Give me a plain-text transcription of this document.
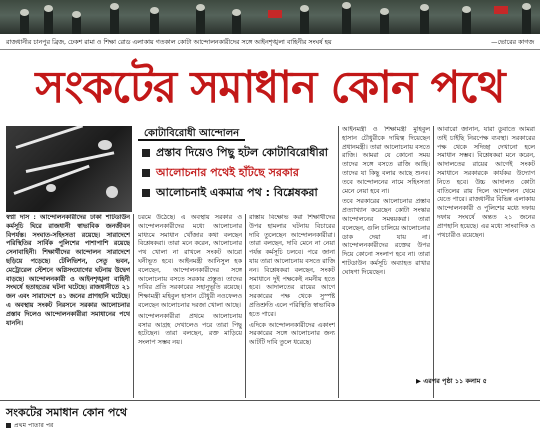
রাজধানীর চানপুর ব্রিজ, ঢেকশ রামা ও শিক্ষা রোড এলাকায় গতকাল কোটা আন্দোলনকারীদের সঙ্গে আইনশৃঙ্খলা বাহিনীর সংঘর্ষ হয়	—ভোরের কাগজ
সংকটের সমাধান কোন পথে
কোটাবিরোধী আন্দোলন
প্রস্তাব দিয়েও পিছু হটল কোটাবিরোধীরা
আলোচনার পথেই হাঁটছে সরকার
আলোচনাই একমাত্র পথ : বিশ্লেষকরা

স্বপ্না দাস : আন্দোলনকারীদের ঢাকা শাটডাউন কর্মসূচি ঘিরে রাজধানী স্বাভাবিক জনজীবন বিপর্যস্ত। সংঘাত-সহিংসতা রয়েছে। সারাদেশে পরিস্থিতির সার্বিক পুলিশের পাশাপাশি রয়েছে সেনাবাহিনী। শিক্ষার্থীদের আন্দোলন সারাদেশে ছড়িয়ে পড়েছে। টেলিভিশন, সেতু ভবন, মেট্রোরেল স্টেশনে অগ্নিসংযোগের ঘটনায় উদ্বেগ বাড়ছে। আন্দোলনকারী ও আইনশৃঙ্খলা বাহিনী সংঘর্ষে হতাহতের ঘটনা ঘটেছে। রাজধানীতে ২১ জন এবং সারাদেশে ৪১ জনের প্রাণহানি ঘটেছে। এ অবস্থায় সংকট নিরসনে সরকার আলোচনার প্রস্তাব দিলেও আন্দোলনকারীরা সমাধানের পথে যাননি।

চরমে উঠেছে। এ অবস্থায় সরকার ও আন্দোলনকারীদের মধ্যে আলোচনার মাধ্যমে সমাধান খোঁজার কথা বলছেন বিশ্লেষকরা। তারা মনে করেন, আলোচনার পথ খোলা না রাখলে সংকট আরো ঘনীভূত হবে। আইনমন্ত্রী আনিসুল হক বলেছেন, আন্দোলনকারীদের সঙ্গে আলোচনায় বসতে সরকার প্রস্তুত। তাদের দাবির প্রতি সরকারের সহানুভূতি রয়েছে। শিক্ষামন্ত্রী মহিবুল হাসান চৌধুরী নওফেলও বলেছেন আলোচনার দরজা খোলা আছে।

আন্দোলনকারীরা প্রথমে আলোচনায় বসার আগ্রহ দেখালেও পরে তারা পিছু হটেছেন। তারা বলছেন, রক্ত মাড়িয়ে সংলাপ সম্ভব নয়।

রাস্তায় বিক্ষোভ করা শিক্ষার্থীদের উপর হামলার ঘটনায় বিচারের দাবি তুলেছেন আন্দোলনকারীরা। তারা বলছেন, দাবি মেনে না নেয়া পর্যন্ত কর্মসূচি চলবে। পরে জানা যায় তারা আলোচনায় বসতে রাজি নন। বিশ্লেষকরা বলছেন, সংকট সমাধানে দুই পক্ষকেই নমনীয় হতে হবে। আদালতের রায়ের আগে সরকারের পক্ষ থেকে সুস্পষ্ট প্রতিশ্রুতি এলে পরিস্থিতি স্বাভাবিক হতে পারে।

এদিকে আন্দোলনকারীদের একাংশ সরকারের সঙ্গে আলোচনার জন্য আটটি দাবি তুলে ধরেছে।

আইনমন্ত্রী ও শিক্ষামন্ত্রী মুহিবুল হাসান চৌধুরীকে দায়িত্ব দিয়েছেন প্রধানমন্ত্রী। তারা আলোচনায় বসতে রাজি। আমরা যে কোনো সময় তাদের সঙ্গে বসতে রাজি আছি। তাদের যা কিছু বলার আছে শুনব। তবে আন্দোলনের নামে সহিংসতা মেনে নেয়া হবে না।

তবে সরকারের আলোচনার প্রস্তাব প্রত্যাখ্যান করেছেন কোটা সংস্কার আন্দোলনের সমন্বয়করা। তারা বলেছেন, গুলি চালিয়ে আলোচনার ডাক দেয়া যায় না। আন্দোলনকারীদের রক্তের উপর দিয়ে কোনো সংলাপ হবে না। তারা শাটডাউন কর্মসূচি অব্যাহত রাখার ঘোষণা দিয়েছেন।

আবারো জানান, যারা ডুবাতে আমরা তাই চাইছি নিরপেক্ষ ব্যবস্থা। সরকারের পক্ষ থেকে সদিচ্ছা দেখানো হলে সমাধান সম্ভব। বিশ্লেষকরা মনে করেন, আদালতের রায়ের আগেই সংকট সমাধানে সরকারকে কার্যকর উদ্যোগ নিতে হবে। উচ্চ আদালত কোটা বাতিলের রায় দিলে আন্দোলন থেমে যেতে পারে। রাজধানীর বিভিন্ন এলাকায় আন্দোলনকারী ও পুলিশের মধ্যে দফায় দফায় সংঘর্ষে অন্তত ২১ জনের প্রাণহানি হয়েছে। এর মধ্যে সাংবাদিক ও পথচারীও রয়েছেন।

▶ এরপর পৃষ্ঠা ১১ কলাম ৫
সংকটের সমাধান কোন পথে
প্রথম পাতার পর
